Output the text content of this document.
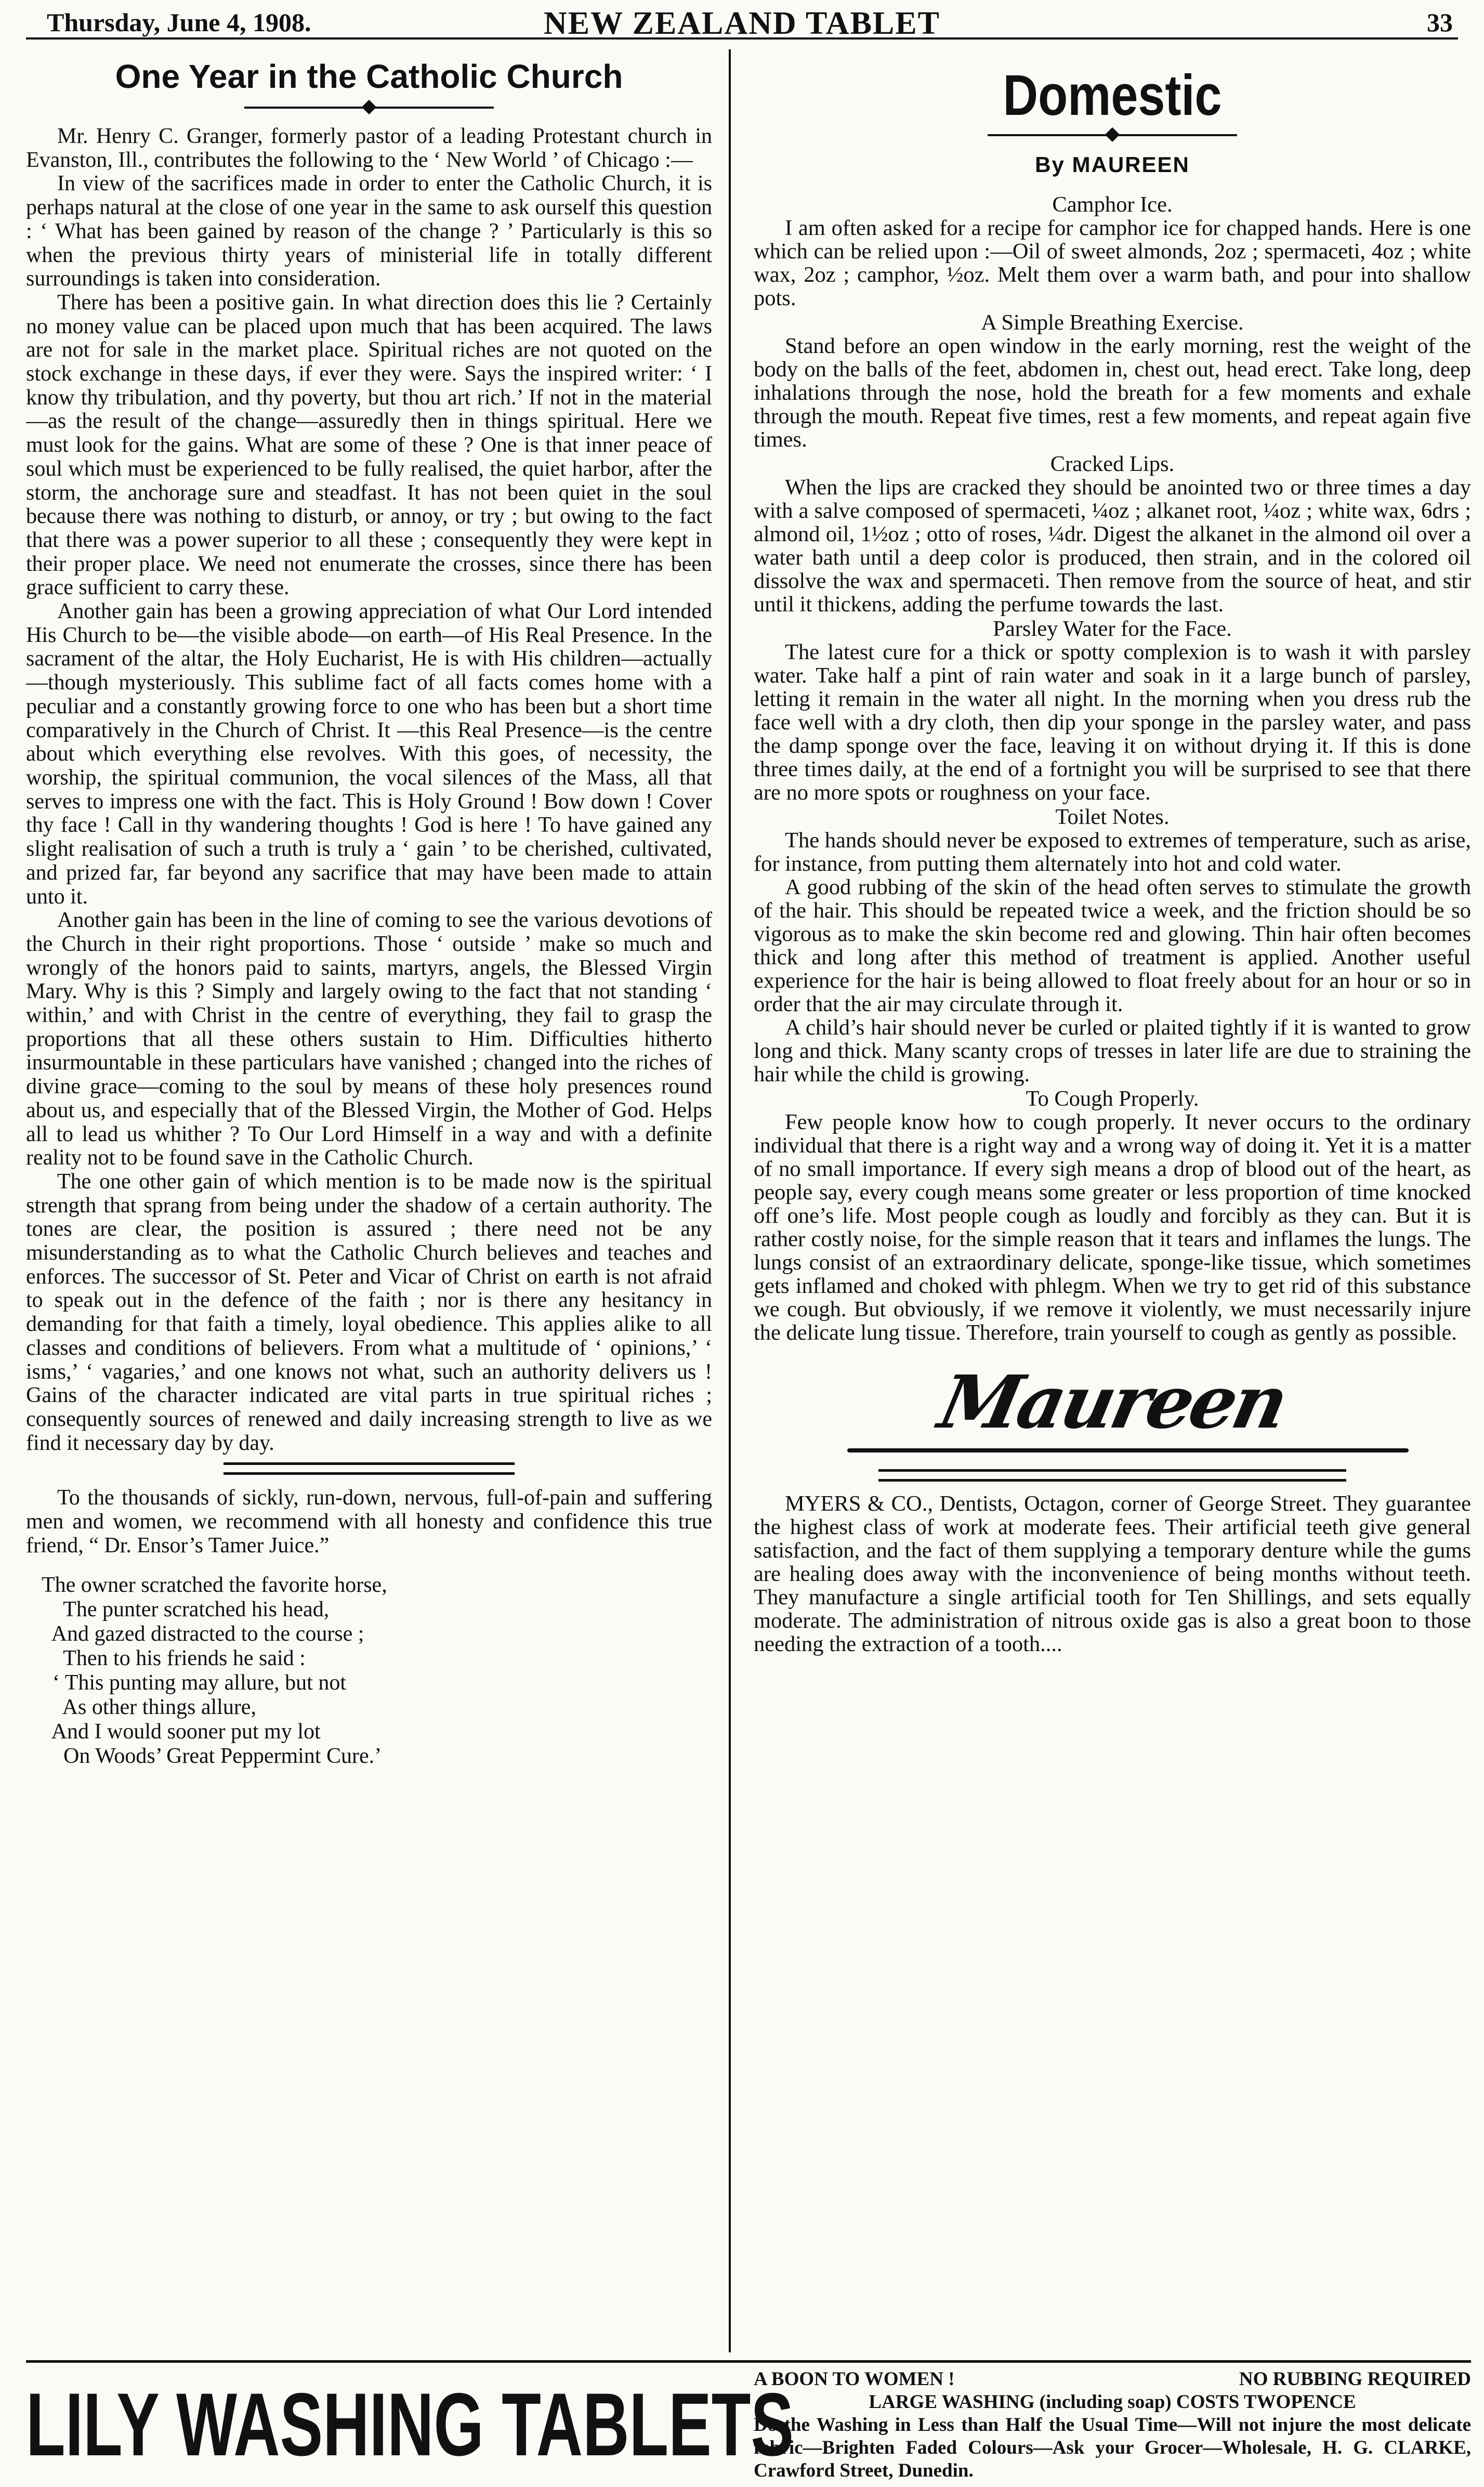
Thursday, June 4, 1908.	NEW ZEALAND TABLET	33
One Year in the Catholic Church

Mr. Henry C. Granger, formerly pastor of a leading Protestant church in Evanston, Ill., contributes the following to the ‘ New World ’ of Chicago :—

In view of the sacrifices made in order to enter the Catholic Church, it is perhaps natural at the close of one year in the same to ask ourself this question : ‘ What has been gained by reason of the change ? ’ Particularly is this so when the previous thirty years of ministerial life in totally different surroundings is taken into consideration.

There has been a positive gain. In what direction does this lie ? Certainly no money value can be placed upon much that has been acquired. The laws are not for sale in the market place. Spiritual riches are not quoted on the stock exchange in these days, if ever they were. Says the inspired writer: ‘ I know thy tribulation, and thy poverty, but thou art rich.’ If not in the material—as the result of the change—assuredly then in things spiritual. Here we must look for the gains. What are some of these ? One is that inner peace of soul which must be experienced to be fully realised, the quiet harbor, after the storm, the anchorage sure and steadfast. It has not been quiet in the soul because there was nothing to disturb, or annoy, or try ; but owing to the fact that there was a power superior to all these ; consequently they were kept in their proper place. We need not enumerate the crosses, since there has been grace sufficient to carry these.

Another gain has been a growing appreciation of what Our Lord intended His Church to be—the visible abode—on earth—of His Real Presence. In the sacrament of the altar, the Holy Eucharist, He is with His children—actually—though mysteriously. This sublime fact of all facts comes home with a peculiar and a constantly growing force to one who has been but a short time comparatively in the Church of Christ. It —this Real Presence—is the centre about which everything else revolves. With this goes, of necessity, the worship, the spiritual communion, the vocal silences of the Mass, all that serves to impress one with the fact. This is Holy Ground ! Bow down ! Cover thy face ! Call in thy wandering thoughts ! God is here ! To have gained any slight realisation of such a truth is truly a ‘ gain ’ to be cherished, cultivated, and prized far, far beyond any sacrifice that may have been made to attain unto it.

Another gain has been in the line of coming to see the various devotions of the Church in their right proportions. Those ‘ outside ’ make so much and wrongly of the honors paid to saints, martyrs, angels, the Blessed Virgin Mary. Why is this ? Simply and largely owing to the fact that not standing ‘ within,’ and with Christ in the centre of everything, they fail to grasp the proportions that all these others sustain to Him. Difficulties hitherto insurmountable in these particulars have vanished ; changed into the riches of divine grace—coming to the soul by means of these holy presences round about us, and especially that of the Blessed Virgin, the Mother of God. Helps all to lead us whither ? To Our Lord Himself in a way and with a definite reality not to be found save in the Catholic Church.

The one other gain of which mention is to be made now is the spiritual strength that sprang from being under the shadow of a certain authority. The tones are clear, the position is assured ; there need not be any misunderstanding as to what the Catholic Church believes and teaches and enforces. The successor of St. Peter and Vicar of Christ on earth is not afraid to speak out in the defence of the faith ; nor is there any hesitancy in demanding for that faith a timely, loyal obedience. This applies alike to all classes and conditions of believers. From what a multitude of ‘ opinions,’ ‘ isms,’ ‘ vagaries,’ and one knows not what, such an authority delivers us ! Gains of the character indicated are vital parts in true spiritual riches ; consequently sources of renewed and daily increasing strength to live as we find it necessary day by day.

To the thousands of sickly, run-down, nervous, full-of-pain and suffering men and women, we recommend with all honesty and confidence this true friend, “ Dr. Ensor’s Tamer Juice.”

The owner scratched the favorite horse,
The punter scratched his head,
And gazed distracted to the course ;
Then to his friends he said :
‘ This punting may allure, but not
As other things allure,
And I would sooner put my lot
On Woods’ Great Peppermint Cure.’
Domestic
By MAUREEN
Camphor Ice.

I am often asked for a recipe for camphor ice for chapped hands. Here is one which can be relied upon :—Oil of sweet almonds, 2oz ; spermaceti, 4oz ; white wax, 2oz ; camphor, ½oz. Melt them over a warm bath, and pour into shallow pots.

A Simple Breathing Exercise.

Stand before an open window in the early morning, rest the weight of the body on the balls of the feet, abdomen in, chest out, head erect. Take long, deep inhalations through the nose, hold the breath for a few moments and exhale through the mouth. Repeat five times, rest a few moments, and repeat again five times.

Cracked Lips.

When the lips are cracked they should be anointed two or three times a day with a salve composed of spermaceti, ¼oz ; alkanet root, ¼oz ; white wax, 6drs ; almond oil, 1½oz ; otto of roses, ¼dr. Digest the alkanet in the almond oil over a water bath until a deep color is produced, then strain, and in the colored oil dissolve the wax and spermaceti. Then remove from the source of heat, and stir until it thickens, adding the perfume towards the last.

Parsley Water for the Face.

The latest cure for a thick or spotty complexion is to wash it with parsley water. Take half a pint of rain water and soak in it a large bunch of parsley, letting it remain in the water all night. In the morning when you dress rub the face well with a dry cloth, then dip your sponge in the parsley water, and pass the damp sponge over the face, leaving it on without drying it. If this is done three times daily, at the end of a fortnight you will be surprised to see that there are no more spots or roughness on your face.

Toilet Notes.

The hands should never be exposed to extremes of temperature, such as arise, for instance, from putting them alternately into hot and cold water.

A good rubbing of the skin of the head often serves to stimulate the growth of the hair. This should be repeated twice a week, and the friction should be so vigorous as to make the skin become red and glowing. Thin hair often becomes thick and long after this method of treatment is applied. Another useful experience for the hair is being allowed to float freely about for an hour or so in order that the air may circulate through it.

A child’s hair should never be curled or plaited tightly if it is wanted to grow long and thick. Many scanty crops of tresses in later life are due to straining the hair while the child is growing.

To Cough Properly.

Few people know how to cough properly. It never occurs to the ordinary individual that there is a right way and a wrong way of doing it. Yet it is a matter of no small importance. If every sigh means a drop of blood out of the heart, as people say, every cough means some greater or less proportion of time knocked off one’s life. Most people cough as loudly and forcibly as they can. But it is rather costly noise, for the simple reason that it tears and inflames the lungs. The lungs consist of an extraordinary delicate, sponge-like tissue, which sometimes gets inflamed and choked with phlegm. When we try to get rid of this substance we cough. But obviously, if we remove it violently, we must necessarily injure the delicate lung tissue. Therefore, train yourself to cough as gently as possible.

Maureen

MYERS & CO., Dentists, Octagon, corner of George Street. They guarantee the highest class of work at moderate fees. Their artificial teeth give general satisfaction, and the fact of them supplying a temporary denture while the gums are healing does away with the inconvenience of being months without teeth. They manufacture a single artificial tooth for Ten Shillings, and sets equally moderate. The administration of nitrous oxide gas is also a great boon to those needing the extraction of a tooth....

LILY WASHING TABLETS
A BOON TO WOMEN !	NO RUBBING REQUIRED
LARGE WASHING (including soap) COSTS TWOPENCE
Do the Washing in Less than Half the Usual Time—Will not injure the most delicate fabric—Brighten Faded Colours—Ask your Grocer—Wholesale, H. G. CLARKE, Crawford Street, Dunedin.
